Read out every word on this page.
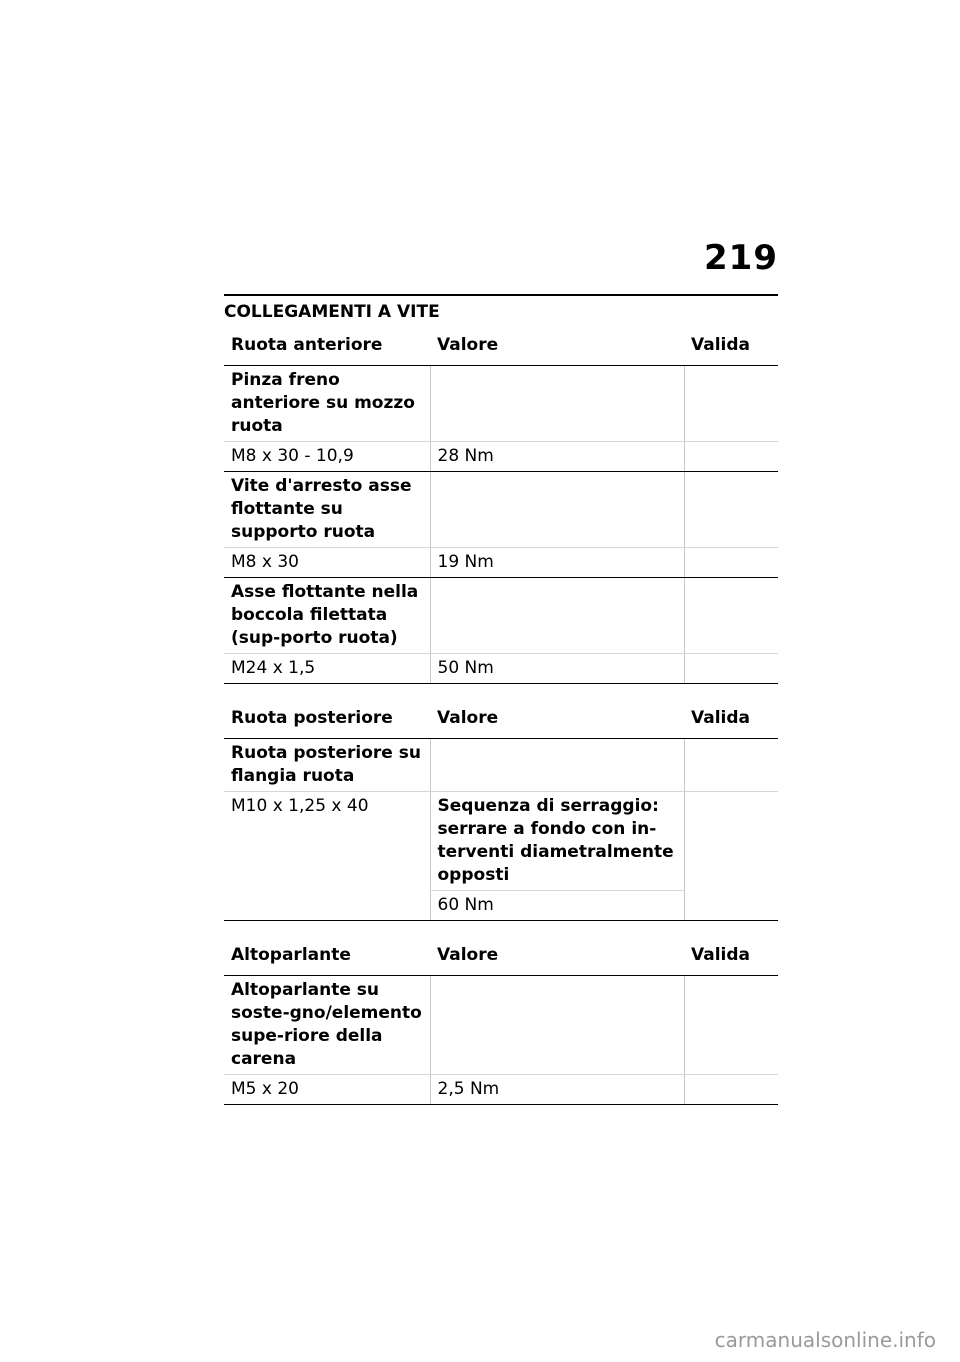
219
COLLEGAMENTI A VITE
Ruota anteriore	Valore	Valida
Pinza freno anteriore su mozzo ruota		
M8 x 30 - 10,9	28 Nm	
Vite d'arresto asse flottante su supporto ruota		
M8 x 30	19 Nm	
Asse flottante nella boccola filettata (sup-porto ruota)		
M24 x 1,5	50 Nm	
Ruota posteriore	Valore	Valida
Ruota posteriore su flangia ruota		
M10 x 1,25 x 40	Sequenza di serraggio: serrare a fondo con in-terventi diametralmente opposti	
	60 Nm	
Altoparlante	Valore	Valida
Altoparlante su soste-gno/elemento supe-riore della carena		
M5 x 20	2,5 Nm	
carmanualsonline.info
